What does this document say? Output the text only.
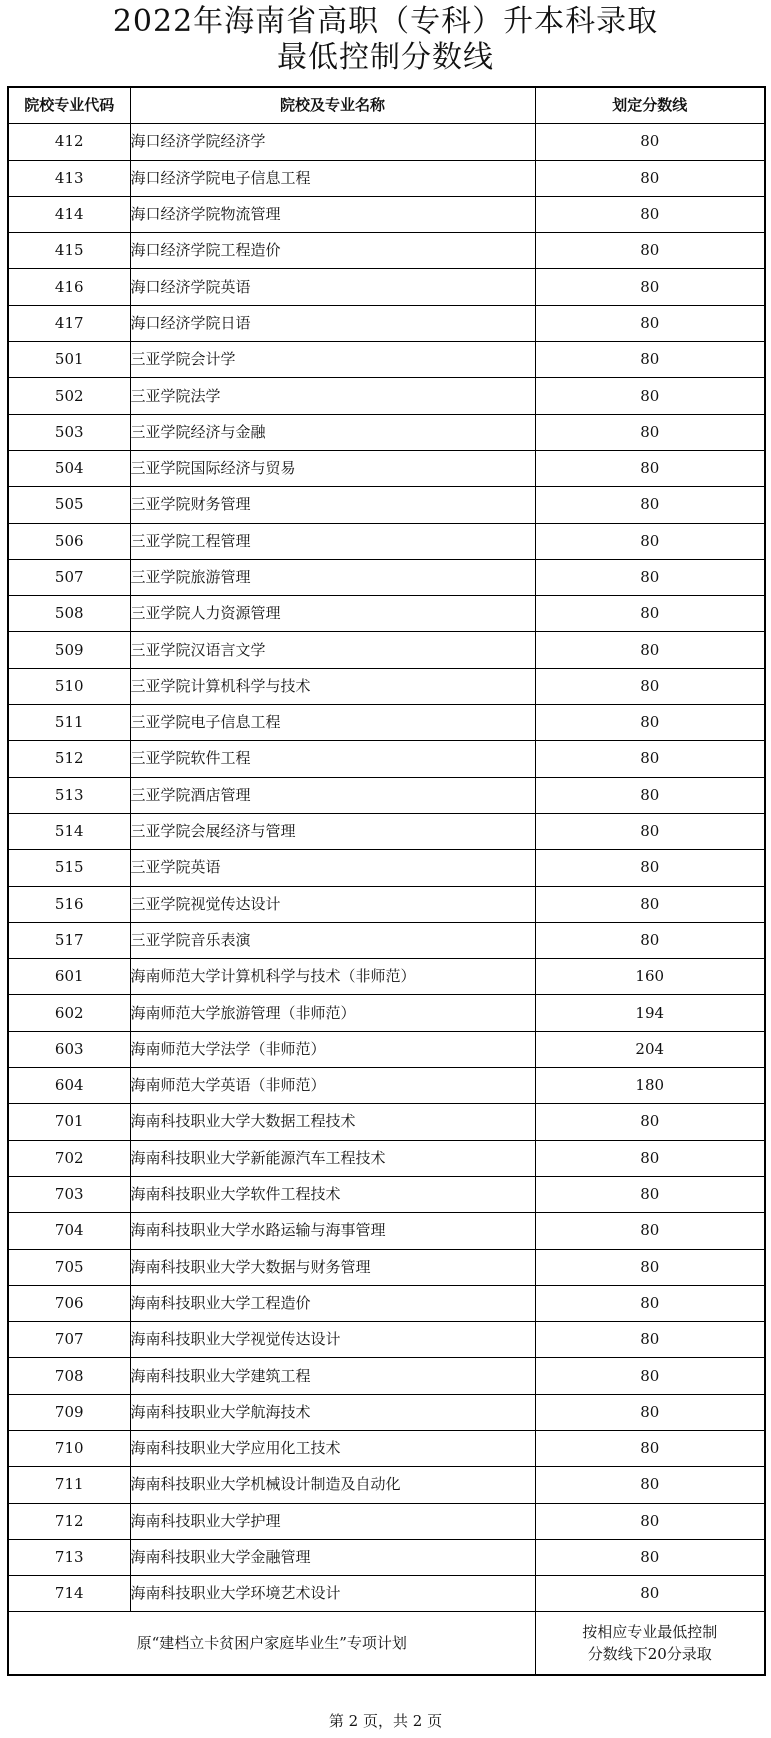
2022年海南省高职（专科）升本科录取
最低控制分数线
院校专业代码	院校及专业名称	划定分数线
412	海口经济学院经济学	80
413	海口经济学院电子信息工程	80
414	海口经济学院物流管理	80
415	海口经济学院工程造价	80
416	海口经济学院英语	80
417	海口经济学院日语	80
501	三亚学院会计学	80
502	三亚学院法学	80
503	三亚学院经济与金融	80
504	三亚学院国际经济与贸易	80
505	三亚学院财务管理	80
506	三亚学院工程管理	80
507	三亚学院旅游管理	80
508	三亚学院人力资源管理	80
509	三亚学院汉语言文学	80
510	三亚学院计算机科学与技术	80
511	三亚学院电子信息工程	80
512	三亚学院软件工程	80
513	三亚学院酒店管理	80
514	三亚学院会展经济与管理	80
515	三亚学院英语	80
516	三亚学院视觉传达设计	80
517	三亚学院音乐表演	80
601	海南师范大学计算机科学与技术（非师范）	160
602	海南师范大学旅游管理（非师范）	194
603	海南师范大学法学（非师范）	204
604	海南师范大学英语（非师范）	180
701	海南科技职业大学大数据工程技术	80
702	海南科技职业大学新能源汽车工程技术	80
703	海南科技职业大学软件工程技术	80
704	海南科技职业大学水路运输与海事管理	80
705	海南科技职业大学大数据与财务管理	80
706	海南科技职业大学工程造价	80
707	海南科技职业大学视觉传达设计	80
708	海南科技职业大学建筑工程	80
709	海南科技职业大学航海技术	80
710	海南科技职业大学应用化工技术	80
711	海南科技职业大学机械设计制造及自动化	80
712	海南科技职业大学护理	80
713	海南科技职业大学金融管理	80
714	海南科技职业大学环境艺术设计	80
原“建档立卡贫困户家庭毕业生”专项计划		按相应专业最低控制
分数线下20分录取
第 2 页，共 2 页
